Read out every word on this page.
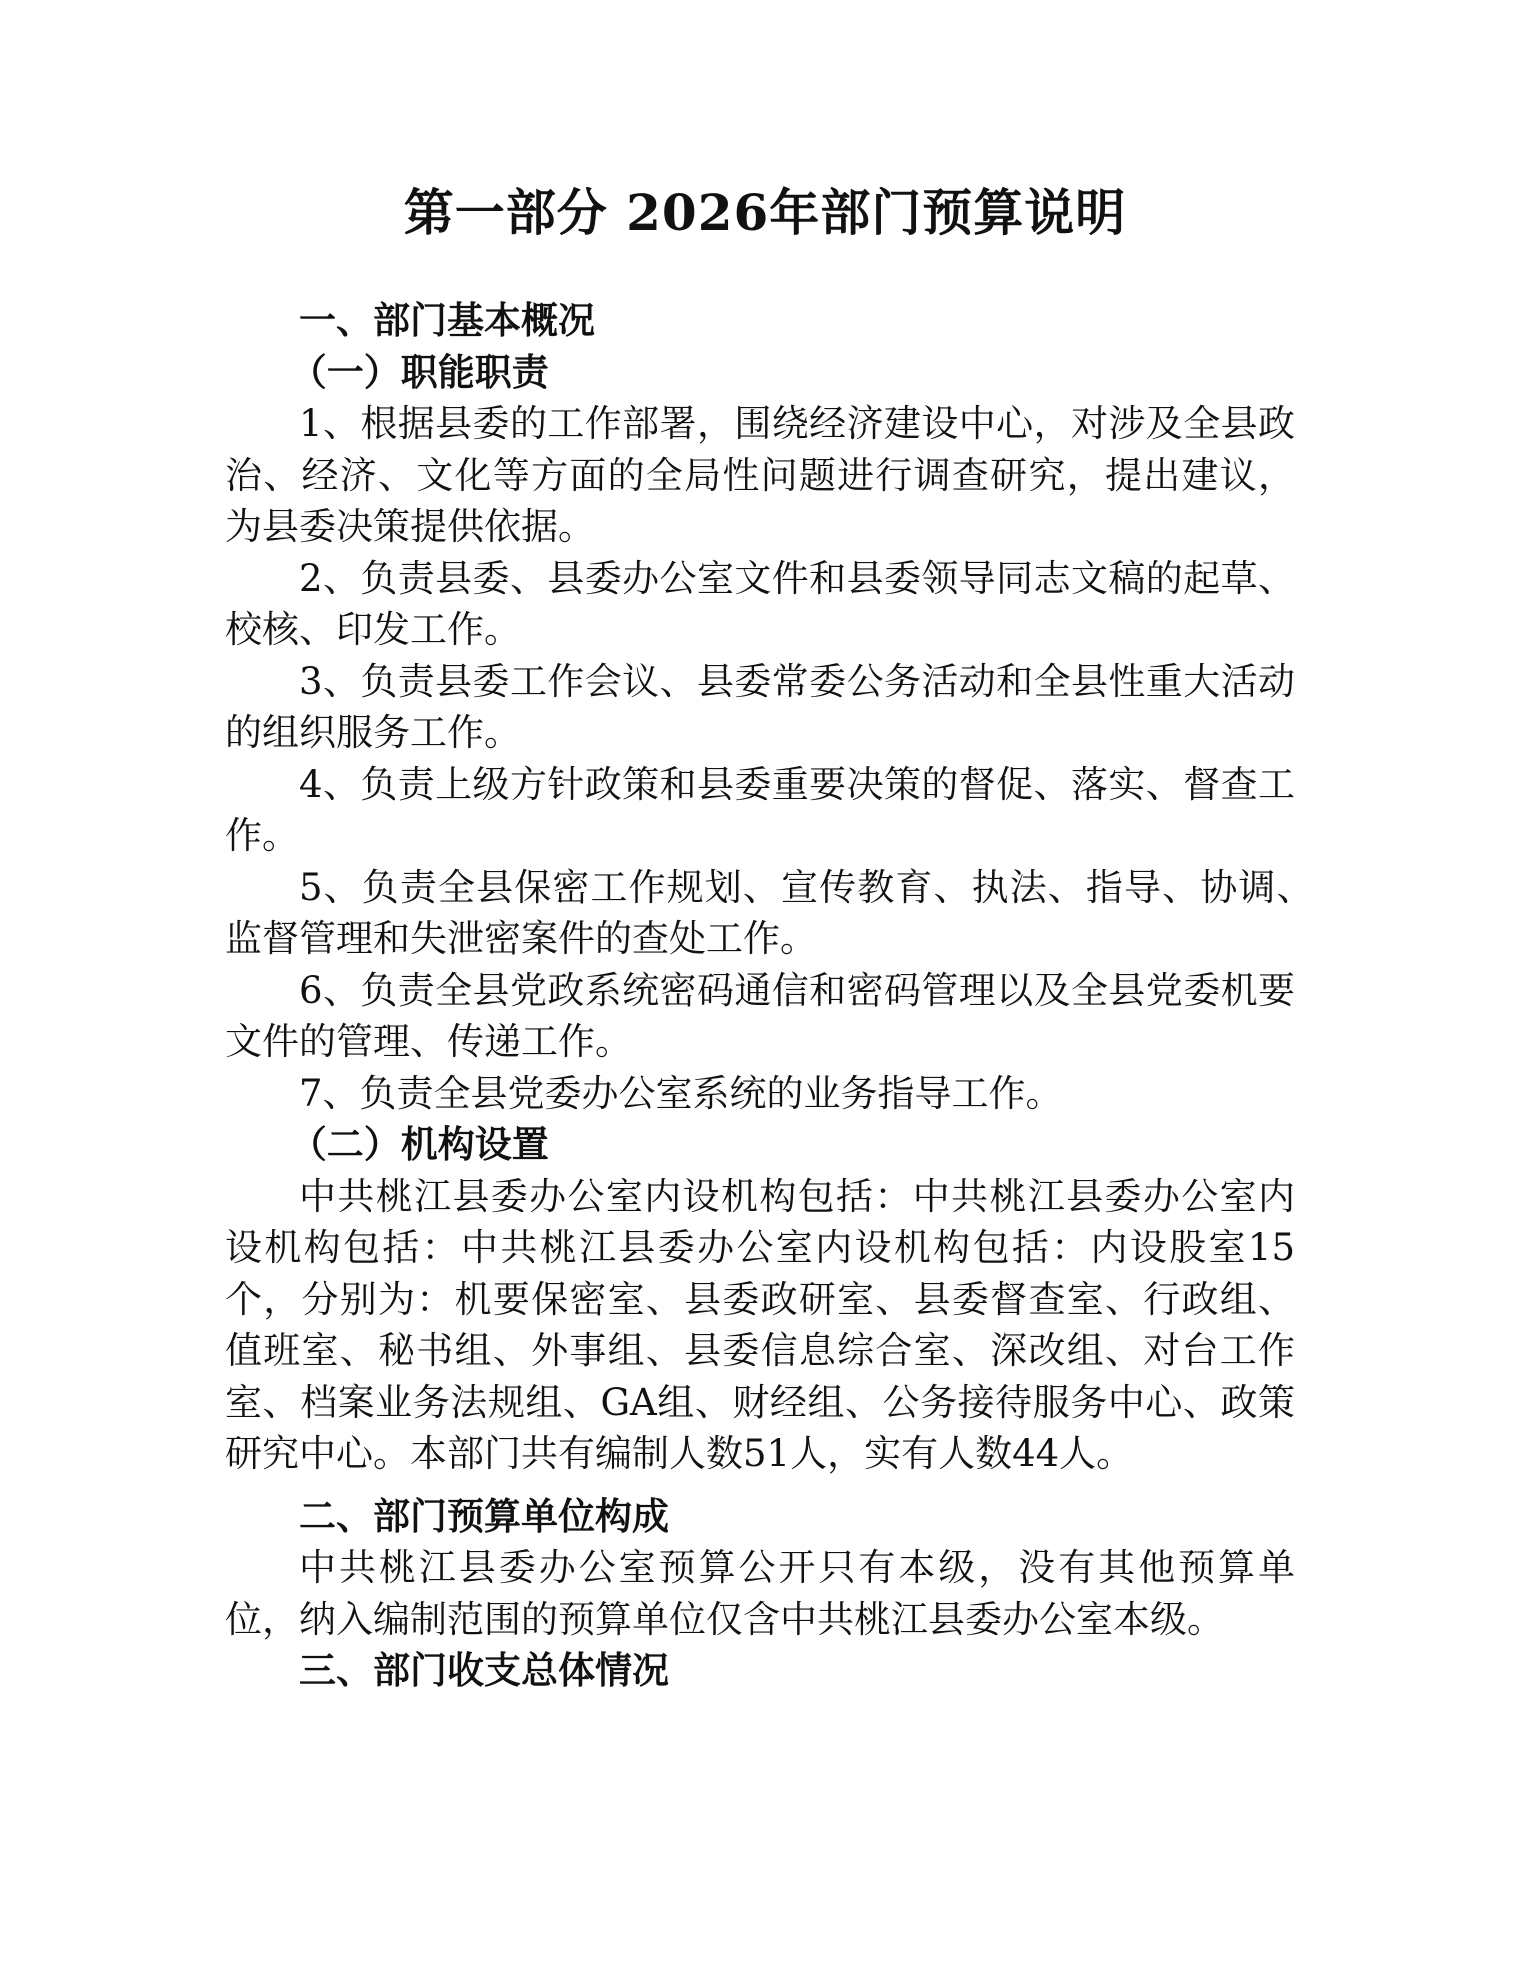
第一部分 2026年部门预算说明

一、部门基本概况

（一）职能职责

1、根据县委的工作部署，围绕经济建设中心，对涉及全县政治、经济、文化等方面的全局性问题进行调查研究，提出建议，为县委决策提供依据。

2、负责县委、县委办公室文件和县委领导同志文稿的起草、校核、印发工作。

3、负责县委工作会议、县委常委公务活动和全县性重大活动的组织服务工作。

4、负责上级方针政策和县委重要决策的督促、落实、督查工作。

5、负责全县保密工作规划、宣传教育、执法、指导、协调、　监督管理和失泄密案件的查处工作。

6、负责全县党政系统密码通信和密码管理以及全县党委机要文件的管理、传递工作。

7、负责全县党委办公室系统的业务指导工作。

（二）机构设置

中共桃江县委办公室内设机构包括：中共桃江县委办公室内设机构包括：中共桃江县委办公室内设机构包括：内设股室15个，分别为：机要保密室、县委政研室、县委督查室、行政组、值班室、秘书组、外事组、县委信息综合室、深改组、对台工作室、档案业务法规组、GA组、财经组、公务接待服务中心、政策研究中心。本部门共有编制人数51人，实有人数44人。

二、部门预算单位构成

中共桃江县委办公室预算公开只有本级，没有其他预算单位，纳入编制范围的预算单位仅含中共桃江县委办公室本级。

三、部门收支总体情况
